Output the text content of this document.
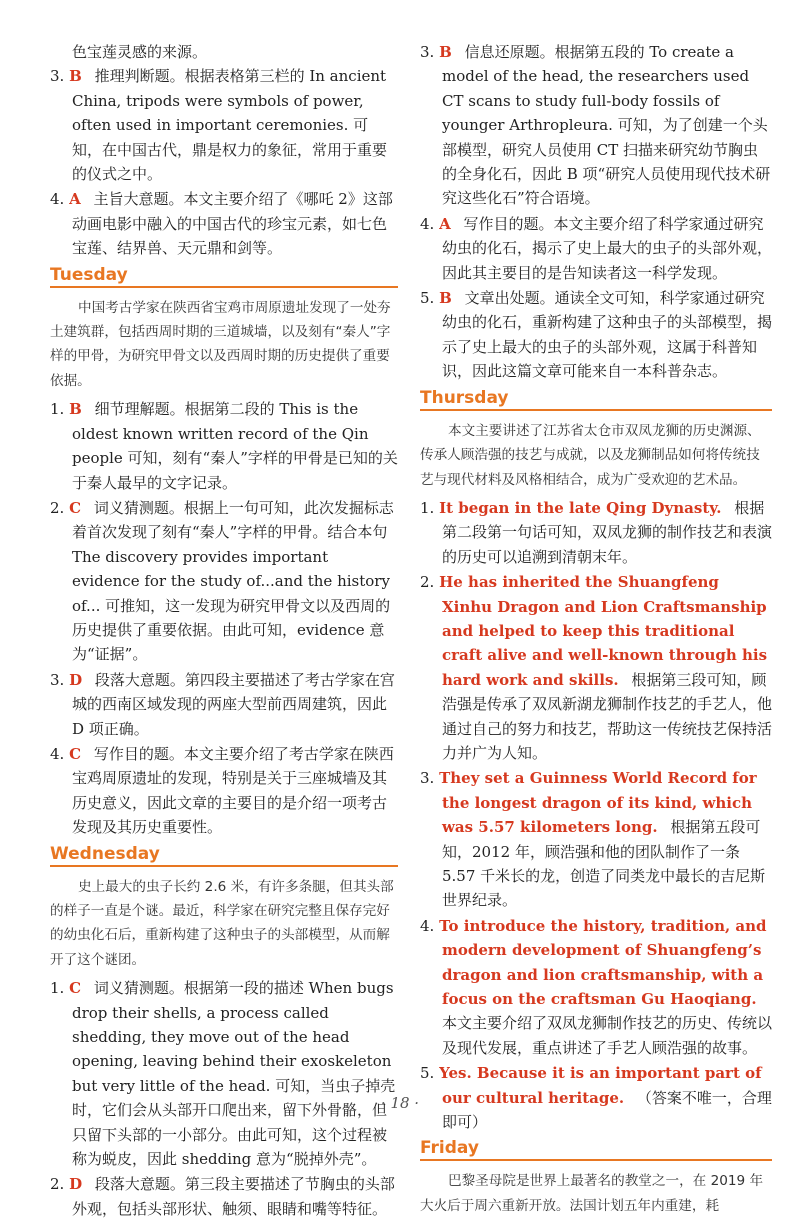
色宝莲灵感的来源。
3. B 推理判断题。根据表格第三栏的 In ancient China, tripods were symbols of power, often used in important ceremonies. 可知，在中国古代，鼎是权力的象征，常用于重要的仪式之中。
4. A 主旨大意题。本文主要介绍了《哪吒 2》这部动画电影中融入的中国古代的珍宝元素，如七色宝莲、结界兽、天元鼎和剑等。
Tuesday
中国考古学家在陕西省宝鸡市周原遗址发现了一处夯土建筑群，包括西周时期的三道城墙，以及刻有“秦人”字样的甲骨，为研究甲骨文以及西周时期的历史提供了重要依据。
1. B 细节理解题。根据第二段的 This is the oldest known written record of the Qin people 可知，刻有“秦人”字样的甲骨是已知的关于秦人最早的文字记录。
2. C 词义猜测题。根据上一句可知，此次发掘标志着首次发现了刻有“秦人”字样的甲骨。结合本句 The discovery provides important evidence for the study of...and the history of... 可推知，这一发现为研究甲骨文以及西周的历史提供了重要依据。由此可知，evidence 意为“证据”。
3. D 段落大意题。第四段主要描述了考古学家在宫城的西南区域发现的两座大型前西周建筑，因此 D 项正确。
4. C 写作目的题。本文主要介绍了考古学家在陕西宝鸡周原遗址的发现，特别是关于三座城墙及其历史意义，因此文章的主要目的是介绍一项考古发现及其历史重要性。
Wednesday
史上最大的虫子长约 2.6 米，有许多条腿，但其头部的样子一直是个谜。最近，科学家在研究完整且保存完好的幼虫化石后，重新构建了这种虫子的头部模型，从而解开了这个谜团。
1. C 词义猜测题。根据第一段的描述 When bugs drop their shells, a process called shedding, they move out of the head opening, leaving behind their exoskeleton but very little of the head. 可知，当虫子掉壳时，它们会从头部开口爬出来，留下外骨骼，但只留下头部的一小部分。由此可知，这个过程被称为蜕皮，因此 shedding 意为“脱掉外壳”。
2. D 段落大意题。第三段主要描述了节胸虫的头部外观，包括头部形状、触须、眼睛和嘴等特征。
3. B 信息还原题。根据第五段的 To create a model of the head, the researchers used CT scans to study full-body fossils of younger Arthropleura. 可知，为了创建一个头部模型，研究人员使用 CT 扫描来研究幼节胸虫的全身化石，因此 B 项“研究人员使用现代技术研究这些化石”符合语境。
4. A 写作目的题。本文主要介绍了科学家通过研究幼虫的化石，揭示了史上最大的虫子的头部外观，因此其主要目的是告知读者这一科学发现。
5. B 文章出处题。通读全文可知，科学家通过研究幼虫的化石，重新构建了这种虫子的头部模型，揭示了史上最大的虫子的头部外观，这属于科普知识，因此这篇文章可能来自一本科普杂志。
Thursday
本文主要讲述了江苏省太仓市双凤龙狮的历史渊源、传承人顾浩强的技艺与成就，以及龙狮制品如何将传统技艺与现代材料及风格相结合，成为广受欢迎的艺术品。
1. It began in the late Qing Dynasty. 根据第二段第一句话可知，双凤龙狮的制作技艺和表演的历史可以追溯到清朝末年。
2. He has inherited the Shuangfeng Xinhu Dragon and Lion Craftsmanship and helped to keep this traditional craft alive and well-known through his hard work and skills. 根据第三段可知，顾浩强是传承了双凤新湖龙狮制作技艺的手艺人，他通过自己的努力和技艺，帮助这一传统技艺保持活力并广为人知。
3. They set a Guinness World Record for the longest dragon of its kind, which was 5.57 kilometers long. 根据第五段可知，2012 年，顾浩强和他的团队制作了一条 5.57 千米长的龙，创造了同类龙中最长的吉尼斯世界纪录。
4. To introduce the history, tradition, and modern development of Shuangfeng’s dragon and lion craftsmanship, with a focus on the craftsman Gu Haoqiang. 本文主要介绍了双凤龙狮制作技艺的历史、传统以及现代发展，重点讲述了手艺人顾浩强的故事。
5. Yes. Because it is an important part of our cultural heritage. （答案不唯一，合理即可）
Friday
巴黎圣母院是世界上最著名的教堂之一，在 2019 年大火后于周六重新开放。法国计划五年内重建，耗
· 18 ·
